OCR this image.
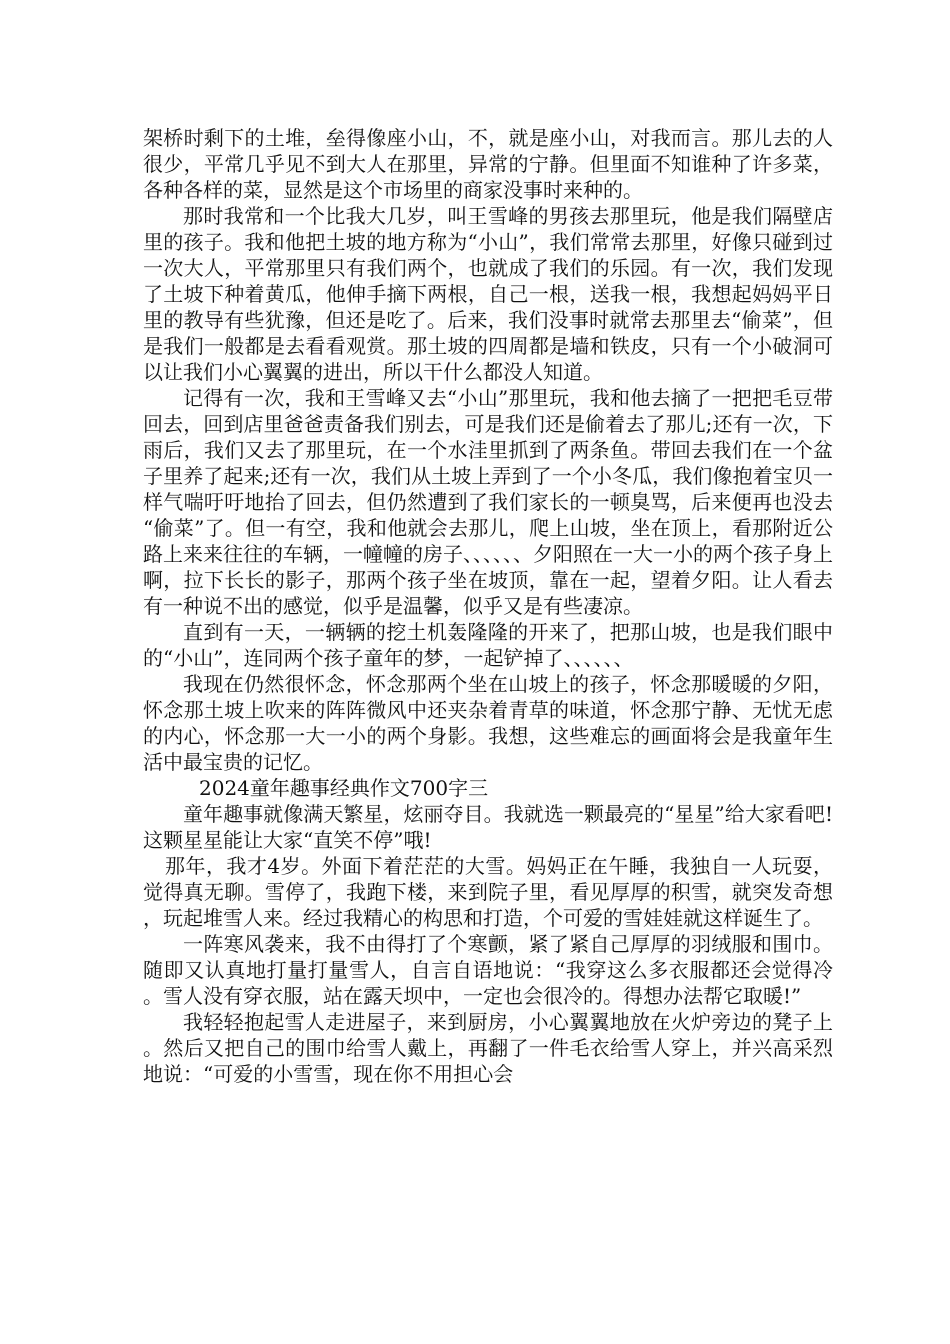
架桥时剩下的土堆，垒得像座小山，不，就是座小山，对我而言。那儿去的人很少，平常几乎见不到大人在那里，异常的宁静。但里面不知谁种了许多菜，各种各样的菜，显然是这个市场里的商家没事时来种的。

那时我常和一个比我大几岁，叫王雪峰的男孩去那里玩，他是我们隔壁店里的孩子。我和他把土坡的地方称为“小山”，我们常常去那里，好像只碰到过一次大人，平常那里只有我们两个，也就成了我们的乐园。有一次，我们发现了土坡下种着黄瓜，他伸手摘下两根，自己一根，送我一根，我想起妈妈平日里的教导有些犹豫，但还是吃了。后来，我们没事时就常去那里去“偷菜”，但是我们一般都是去看看观赏。那土坡的四周都是墙和铁皮，只有一个小破洞可以让我们小心翼翼的进出，所以干什么都没人知道。

记得有一次，我和王雪峰又去“小山”那里玩，我和他去摘了一把把毛豆带回去，回到店里爸爸责备我们别去，可是我们还是偷着去了那儿;还有一次，下雨后，我们又去了那里玩，在一个水洼里抓到了两条鱼。带回去我们在一个盆子里养了起来;还有一次，我们从土坡上弄到了一个小冬瓜，我们像抱着宝贝一样气喘吁吁地抬了回去，但仍然遭到了我们家长的一顿臭骂，后来便再也没去“偷菜”了。但一有空，我和他就会去那儿，爬上山坡，坐在顶上，看那附近公路上来来往往的车辆，一幢幢的房子、、、、、、夕阳照在一大一小的两个孩子身上啊，拉下长长的影子，那两个孩子坐在坡顶，靠在一起，望着夕阳。让人看去有一种说不出的感觉，似乎是温馨，似乎又是有些凄凉。

直到有一天，一辆辆的挖土机轰隆隆的开来了，把那山坡，也是我们眼中的“小山”，连同两个孩子童年的梦，一起铲掉了、、、、、、

我现在仍然很怀念，怀念那两个坐在山坡上的孩子，怀念那暖暖的夕阳，怀念那土坡上吹来的阵阵微风中还夹杂着青草的味道，怀念那宁静、无忧无虑的内心，怀念那一大一小的两个身影。我想，这些难忘的画面将会是我童年生活中最宝贵的记忆。

2024童年趣事经典作文700字三

童年趣事就像满天繁星，炫丽夺目。我就选一颗最亮的“星星”给大家看吧!这颗星星能让大家“直笑不停”哦!

那年，我才4岁。外面下着茫茫的大雪。妈妈正在午睡，我独自一人玩耍，觉得真无聊。雪停了，我跑下楼，来到院子里，看见厚厚的积雪，就突发奇想，玩起堆雪人来。经过我精心的构思和打造，个可爱的雪娃娃就这样诞生了。

一阵寒风袭来，我不由得打了个寒颤，紧了紧自己厚厚的羽绒服和围巾。随即又认真地打量打量雪人，自言自语地说：“我穿这么多衣服都还会觉得冷。雪人没有穿衣服，站在露天坝中，一定也会很冷的。得想办法帮它取暖!”

我轻轻抱起雪人走进屋子，来到厨房，小心翼翼地放在火炉旁边的凳子上。然后又把自己的围巾给雪人戴上，再翻了一件毛衣给雪人穿上，并兴高采烈地说：“可爱的小雪雪，现在你不用担心会
